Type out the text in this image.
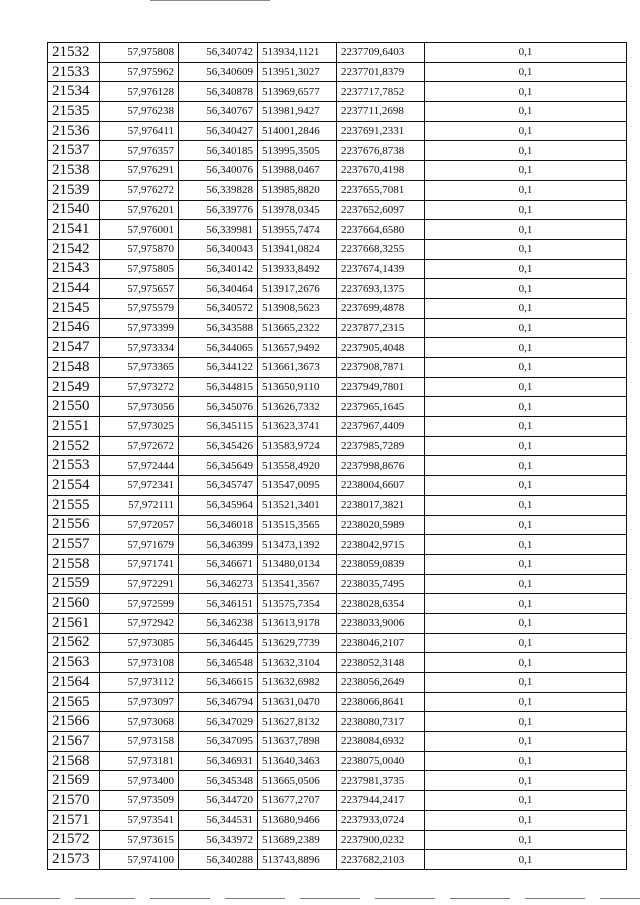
21532	57,975808	56,340742	513934,1121	2237709,6403	0,1
21533	57,975962	56,340609	513951,3027	2237701,8379	0,1
21534	57,976128	56,340878	513969,6577	2237717,7852	0,1
21535	57,976238	56,340767	513981,9427	2237711,2698	0,1
21536	57,976411	56,340427	514001,2846	2237691,2331	0,1
21537	57,976357	56,340185	513995,3505	2237676,8738	0,1
21538	57,976291	56,340076	513988,0467	2237670,4198	0,1
21539	57,976272	56,339828	513985,8820	2237655,7081	0,1
21540	57,976201	56,339776	513978,0345	2237652,6097	0,1
21541	57,976001	56,339981	513955,7474	2237664,6580	0,1
21542	57,975870	56,340043	513941,0824	2237668,3255	0,1
21543	57,975805	56,340142	513933,8492	2237674,1439	0,1
21544	57,975657	56,340464	513917,2676	2237693,1375	0,1
21545	57,975579	56,340572	513908,5623	2237699,4878	0,1
21546	57,973399	56,343588	513665,2322	2237877,2315	0,1
21547	57,973334	56,344065	513657,9492	2237905,4048	0,1
21548	57,973365	56,344122	513661,3673	2237908,7871	0,1
21549	57,973272	56,344815	513650,9110	2237949,7801	0,1
21550	57,973056	56,345076	513626,7332	2237965,1645	0,1
21551	57,973025	56,345115	513623,3741	2237967,4409	0,1
21552	57,972672	56,345426	513583,9724	2237985,7289	0,1
21553	57,972444	56,345649	513558,4920	2237998,8676	0,1
21554	57,972341	56,345747	513547,0095	2238004,6607	0,1
21555	57,972111	56,345964	513521,3401	2238017,3821	0,1
21556	57,972057	56,346018	513515,3565	2238020,5989	0,1
21557	57,971679	56,346399	513473,1392	2238042,9715	0,1
21558	57,971741	56,346671	513480,0134	2238059,0839	0,1
21559	57,972291	56,346273	513541,3567	2238035,7495	0,1
21560	57,972599	56,346151	513575,7354	2238028,6354	0,1
21561	57,972942	56,346238	513613,9178	2238033,9006	0,1
21562	57,973085	56,346445	513629,7739	2238046,2107	0,1
21563	57,973108	56,346548	513632,3104	2238052,3148	0,1
21564	57,973112	56,346615	513632,6982	2238056,2649	0,1
21565	57,973097	56,346794	513631,0470	2238066,8641	0,1
21566	57,973068	56,347029	513627,8132	2238080,7317	0,1
21567	57,973158	56,347095	513637,7898	2238084,6932	0,1
21568	57,973181	56,346931	513640,3463	2238075,0040	0,1
21569	57,973400	56,345348	513665,0506	2237981,3735	0,1
21570	57,973509	56,344720	513677,2707	2237944,2417	0,1
21571	57,973541	56,344531	513680,9466	2237933,0724	0,1
21572	57,973615	56,343972	513689,2389	2237900,0232	0,1
21573	57,974100	56,340288	513743,8896	2237682,2103	0,1
